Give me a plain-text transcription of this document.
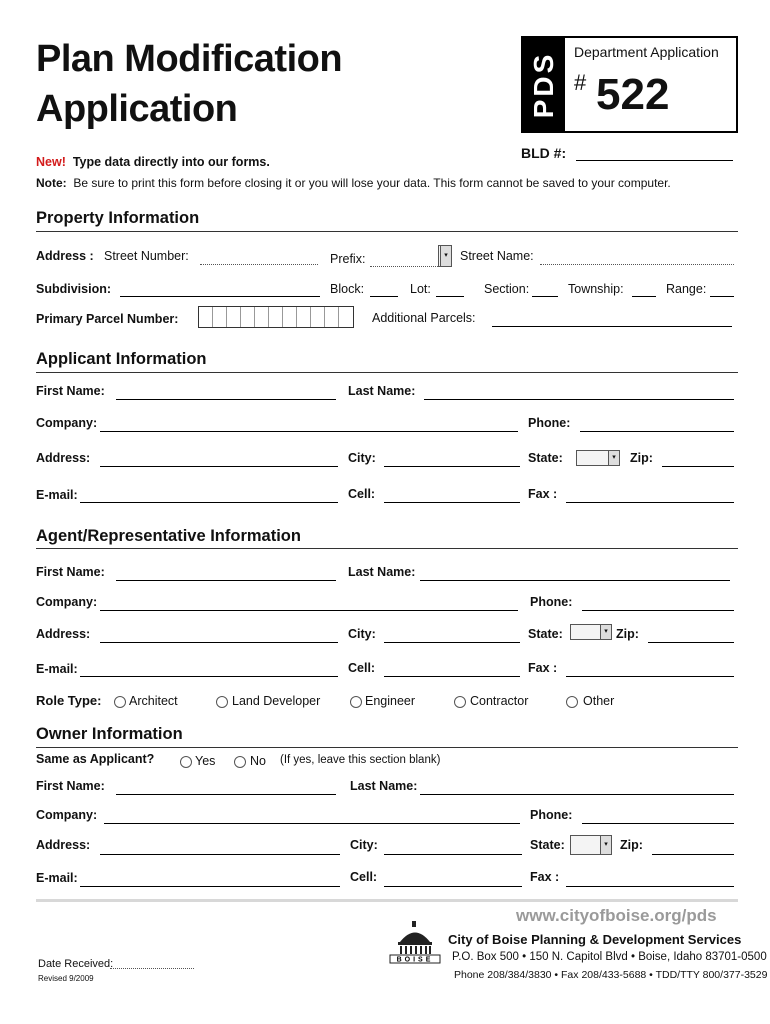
Plan Modification
Application	PDS Department Application
# 522
BLD #:
New! Type data directly into our forms.
Note: Be sure to print this form before closing it or you will lose your data. This form cannot be saved to your computer.
Property Information
Address : Street Number:	Prefix:	▾ Street Name:
Subdivision:	Block:	Lot:	Section:	Township:	Range:
Primary Parcel Number:	Additional Parcels:
Applicant Information
First Name:	Last Name:
Company:	Phone:
Address:	City:	State:	▾ Zip:
E-mail:	Cell:	Fax :
Agent/Representative Information
First Name:	Last Name:
Company:	Phone:
Address:	City:	State:	▾ Zip:
E-mail:	Cell:	Fax :
Role Type: Architect	Land Developer	Engineer	Contractor	Other
Owner Information
Same as Applicant?	Yes	No (If yes, leave this section blank)
First Name:	Last Name:
Company:	Phone:
Address:	City:	State:	▾ Zip:
E-mail:	Cell:	Fax :
www.cityofboise.org/pds
BOISE
City of Boise Planning & Development Services
P.O. Box 500 • 150 N. Capitol Blvd • Boise, Idaho 83701-0500
Phone 208/384/3830 • Fax 208/433-5688 • TDD/TTY 800/377-3529
Date Received:
Revised 9/2009
